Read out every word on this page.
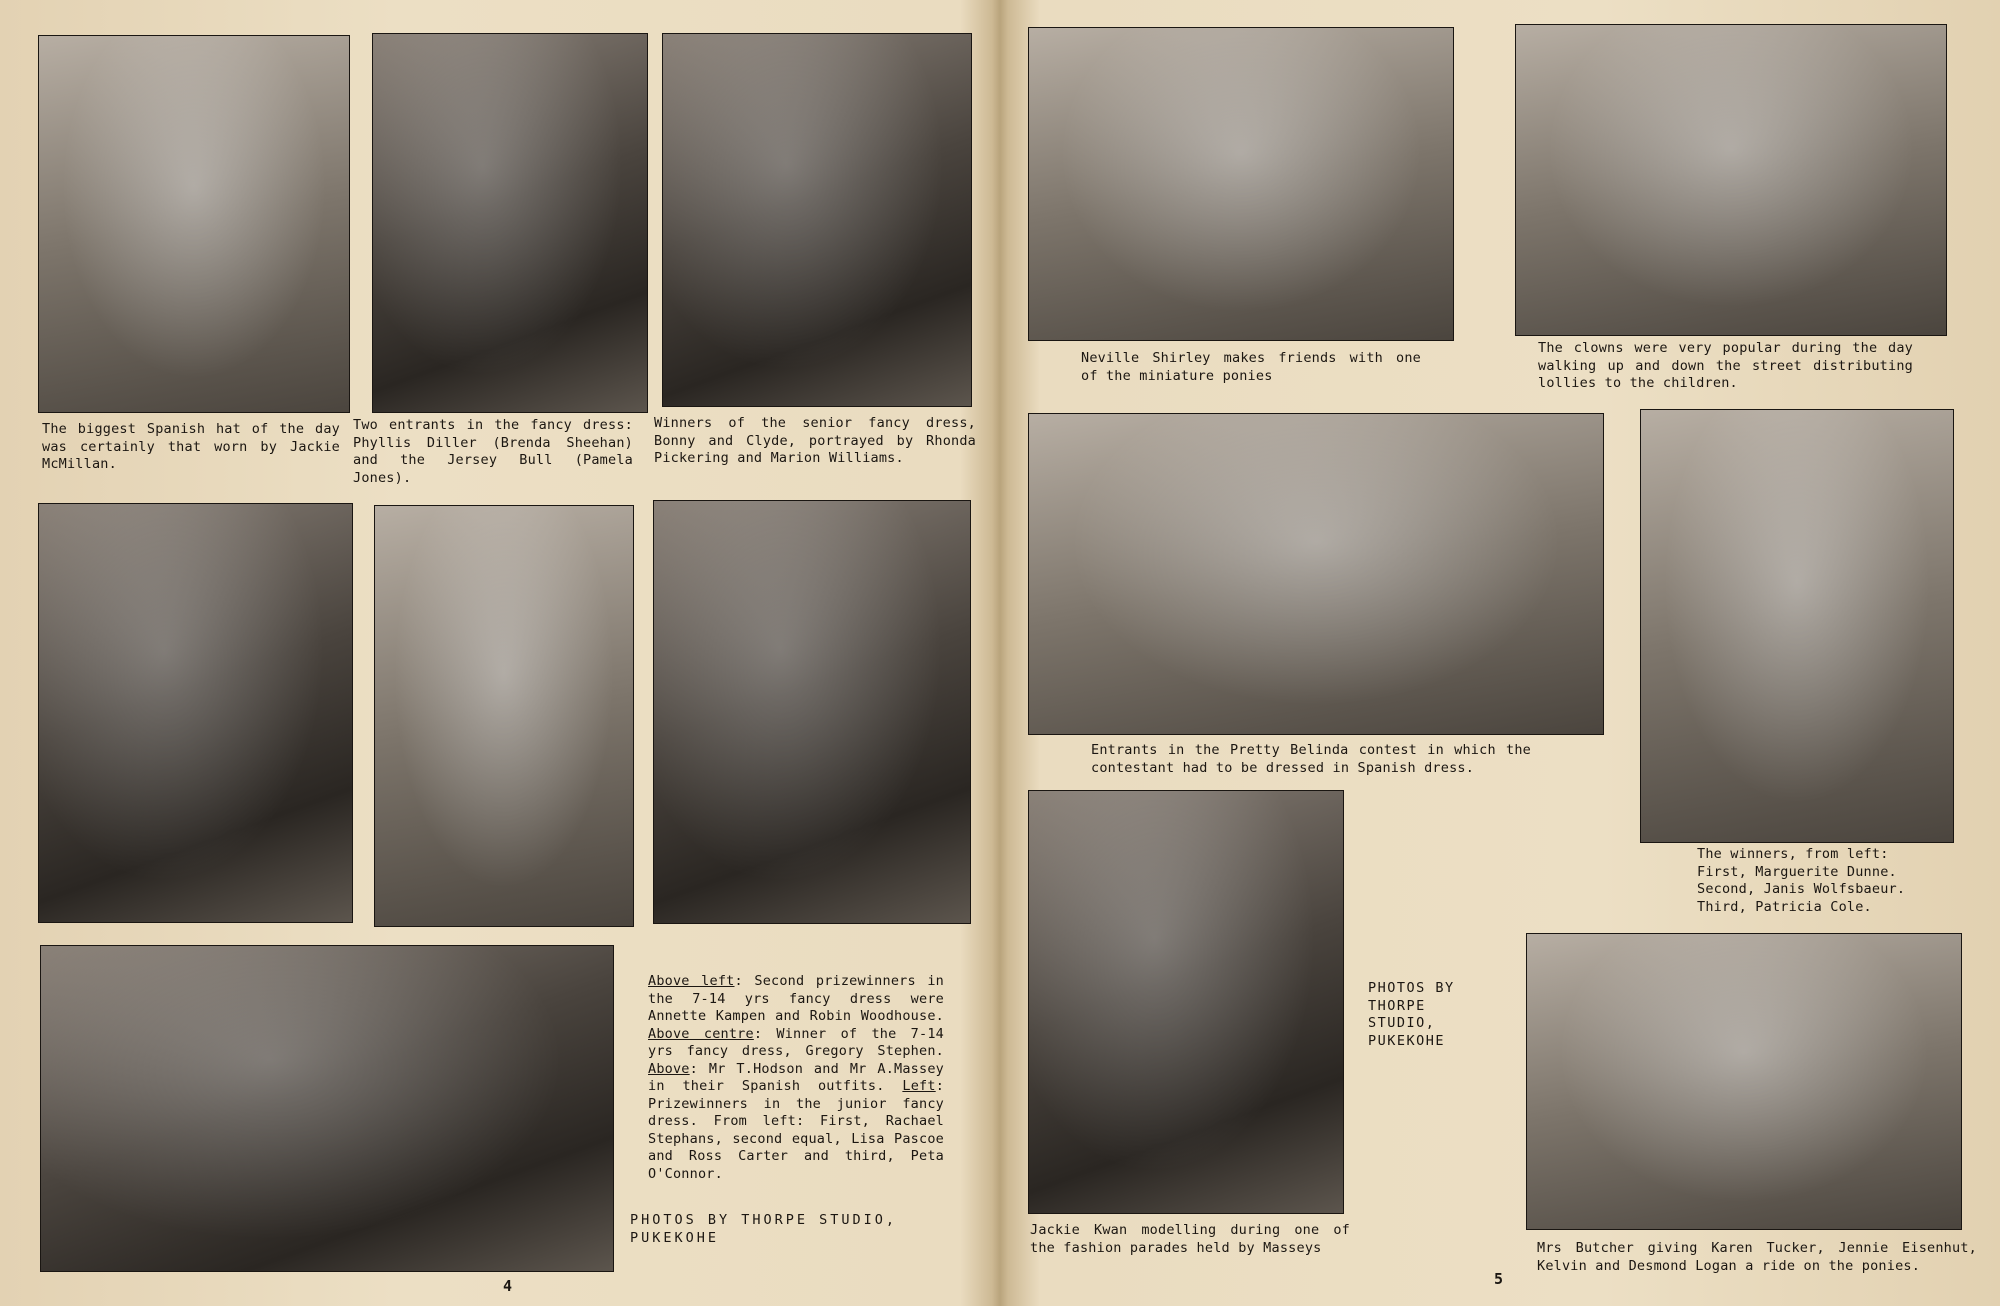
The biggest Spanish hat of the day was certainly that worn by Jackie McMillan.
Two entrants in the fancy dress: Phyllis Diller (Brenda Sheehan) and the Jersey Bull (Pamela Jones).
Winners of the senior fancy dress, Bonny and Clyde, portrayed by Rhonda Pickering and Marion Williams.
Above left: Second prizewinners in the 7-14 yrs fancy dress were Annette Kampen and Robin Woodhouse. Above centre: Winner of the 7-14 yrs fancy dress, Gregory Stephen. Above: Mr T.Hodson and Mr A.Massey in their Spanish outfits. Left: Prizewinners in the junior fancy dress. From left: First, Rachael Stephans, second equal, Lisa Pascoe and Ross Carter and third, Peta O'Connor.
PHOTOS BY THORPE STUDIO, PUKEKOHE
4
Neville Shirley makes friends with one of the miniature ponies
The clowns were very popular during the day walking up and down the street distributing lollies to the children.
Entrants in the Pretty Belinda contest in which the contestant had to be dressed in Spanish dress.
The winners, from left:
First, Marguerite Dunne.
Second, Janis Wolfsbaeur.
Third, Patricia Cole.
PHOTOS BY
THORPE
STUDIO,
PUKEKOHE
Jackie Kwan modelling during one of the fashion parades held by Masseys	Mrs Butcher giving Karen Tucker, Jennie Eisenhut, Kelvin and Desmond Logan a ride on the ponies.
5
